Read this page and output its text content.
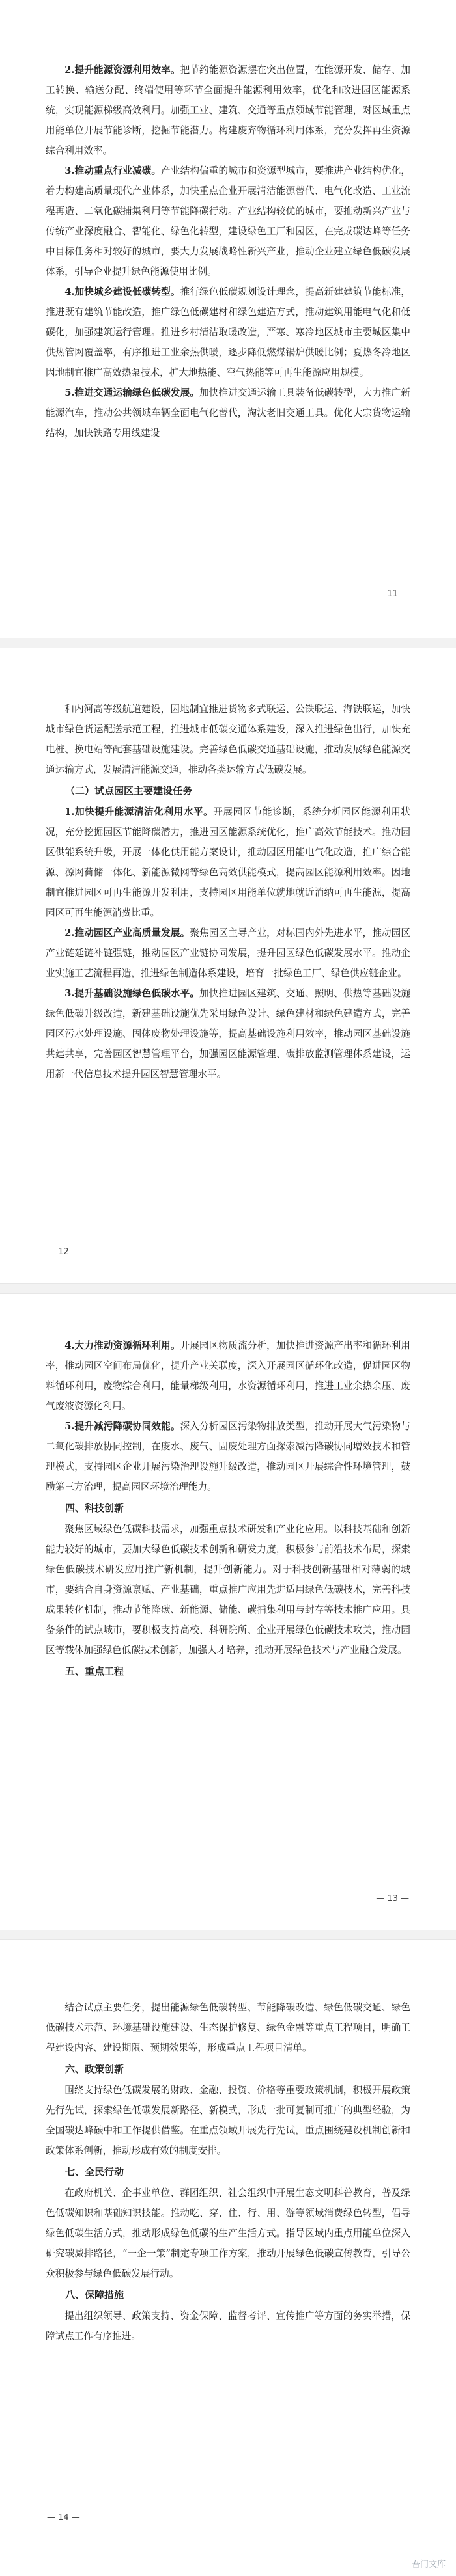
2.提升能源资源利用效率。把节约能源资源摆在突出位置，在能源开发、储存、加工转换、输送分配、终端使用等环节全面提升能源利用效率，优化和改进园区能源系统，实现能源梯级高效利用。加强工业、建筑、交通等重点领域节能管理，对区域重点用能单位开展节能诊断，挖掘节能潜力。构建废弃物循环利用体系，充分发挥再生资源综合利用效率。

3.推动重点行业减碳。产业结构偏重的城市和资源型城市，要推进产业结构优化，着力构建高质量现代产业体系，加快重点企业开展清洁能源替代、电气化改造、工业流程再造、二氧化碳捕集利用等节能降碳行动。产业结构较优的城市，要推动新兴产业与传统产业深度融合、智能化、绿色化转型，建设绿色工厂和园区，在完成碳达峰等任务中目标任务相对较好的城市，要大力发展战略性新兴产业，推动企业建立绿色低碳发展体系，引导企业提升绿色能源使用比例。

4.加快城乡建设低碳转型。推行绿色低碳规划设计理念，提高新建建筑节能标准，推进既有建筑节能改造，推广绿色低碳建材和绿色建造方式，推动建筑用能电气化和低碳化，加强建筑运行管理。推进乡村清洁取暖改造，严寒、寒冷地区城市主要城区集中供热管网覆盖率，有序推进工业余热供暖，逐步降低燃煤锅炉供暖比例；夏热冬冷地区因地制宜推广高效热泵技术，扩大地热能、空气热能等可再生能源应用规模。

5.推进交通运输绿色低碳发展。加快推进交通运输工具装备低碳转型，大力推广新能源汽车，推动公共领域车辆全面电气化替代，淘汰老旧交通工具。优化大宗货物运输结构，加快铁路专用线建设

— 11 —

和内河高等级航道建设，因地制宜推进货物多式联运、公铁联运、海铁联运，加快城市绿色货运配送示范工程，推进城市低碳交通体系建设，深入推进绿色出行，加快充电桩、换电站等配套基础设施建设。完善绿色低碳交通基础设施，推动发展绿色能源交通运输方式，发展清洁能源交通，推动各类运输方式低碳发展。

（二）试点园区主要建设任务

1.加快提升能源清洁化利用水平。开展园区节能诊断，系统分析园区能源利用状况，充分挖掘园区节能降碳潜力，推进园区能源系统优化，推广高效节能技术。推动园区供能系统升级，开展一体化供用能方案设计，推动园区用能电气化改造，推广综合能源、源网荷储一体化、新能源微网等绿色高效供能模式，提高园区能源利用效率。因地制宜推进园区可再生能源开发利用，支持园区用能单位就地就近消纳可再生能源，提高园区可再生能源消费比重。

2.推动园区产业高质量发展。聚焦园区主导产业，对标国内外先进水平，推动园区产业链延链补链强链，推动园区产业链协同发展，提升园区绿色低碳发展水平。推动企业实施工艺流程再造，推进绿色制造体系建设，培育一批绿色工厂、绿色供应链企业。

3.提升基础设施绿色低碳水平。加快推进园区建筑、交通、照明、供热等基础设施绿色低碳升级改造，新建基础设施优先采用绿色设计、绿色建材和绿色建造方式，完善园区污水处理设施、固体废物处理设施等，提高基础设施利用效率，推动园区基础设施共建共享，完善园区智慧管理平台，加强园区能源管理、碳排放监测管理体系建设，运用新一代信息技术提升园区智慧管理水平。

— 12 —

4.大力推动资源循环利用。开展园区物质流分析，加快推进资源产出率和循环利用率，推动园区空间布局优化，提升产业关联度，深入开展园区循环化改造，促进园区物料循环利用，废物综合利用，能量梯级利用，水资源循环利用，推进工业余热余压、废气废液资源化利用。

5.提升减污降碳协同效能。深入分析园区污染物排放类型，推动开展大气污染物与二氧化碳排放协同控制，在废水、废气、固废处理方面探索减污降碳协同增效技术和管理模式，支持园区企业开展污染治理设施升级改造，推动园区开展综合性环境管理，鼓励第三方治理，提高园区环境治理能力。

四、科技创新

聚焦区域绿色低碳科技需求，加强重点技术研发和产业化应用。以科技基础和创新能力较好的城市，要加大绿色低碳技术创新和研发力度，积极参与前沿技术布局，探索绿色低碳技术研发应用推广新机制，提升创新能力。对于科技创新基础相对薄弱的城市，要结合自身资源禀赋、产业基础，重点推广应用先进适用绿色低碳技术，完善科技成果转化机制，推动节能降碳、新能源、储能、碳捕集利用与封存等技术推广应用。具备条件的试点城市，要积极支持高校、科研院所、企业开展绿色低碳技术攻关，推动园区等载体加强绿色低碳技术创新，加强人才培养，推动开展绿色技术与产业融合发展。

五、重点工程

— 13 —

结合试点主要任务，提出能源绿色低碳转型、节能降碳改造、绿色低碳交通、绿色低碳技术示范、环境基础设施建设、生态保护修复、绿色金融等重点工程项目，明确工程建设内容、建设期限、预期效果等，形成重点工程项目清单。

六、政策创新

围绕支持绿色低碳发展的财政、金融、投资、价格等重要政策机制，积极开展政策先行先试，探索绿色低碳发展新路径、新模式，形成一批可复制可推广的典型经验，为全国碳达峰碳中和工作提供借鉴。在重点领域开展先行先试，重点围绕建设机制创新和政策体系创新，推动形成有效的制度安排。

七、全民行动

在政府机关、企事业单位、群团组织、社会组织中开展生态文明科普教育，普及绿色低碳知识和基础知识技能。推动吃、穿、住、行、用、游等领域消费绿色转型，倡导绿色低碳生活方式，推动形成绿色低碳的生产生活方式。指导区域内重点用能单位深入研究碳减排路径，“一企一策”制定专项工作方案，推动开展绿色低碳宣传教育，引导公众积极参与绿色低碳发展行动。

八、保障措施

提出组织领导、政策支持、资金保障、监督考评、宣传推广等方面的务实举措，保障试点工作有序推进。

— 14 —
吾门文库
